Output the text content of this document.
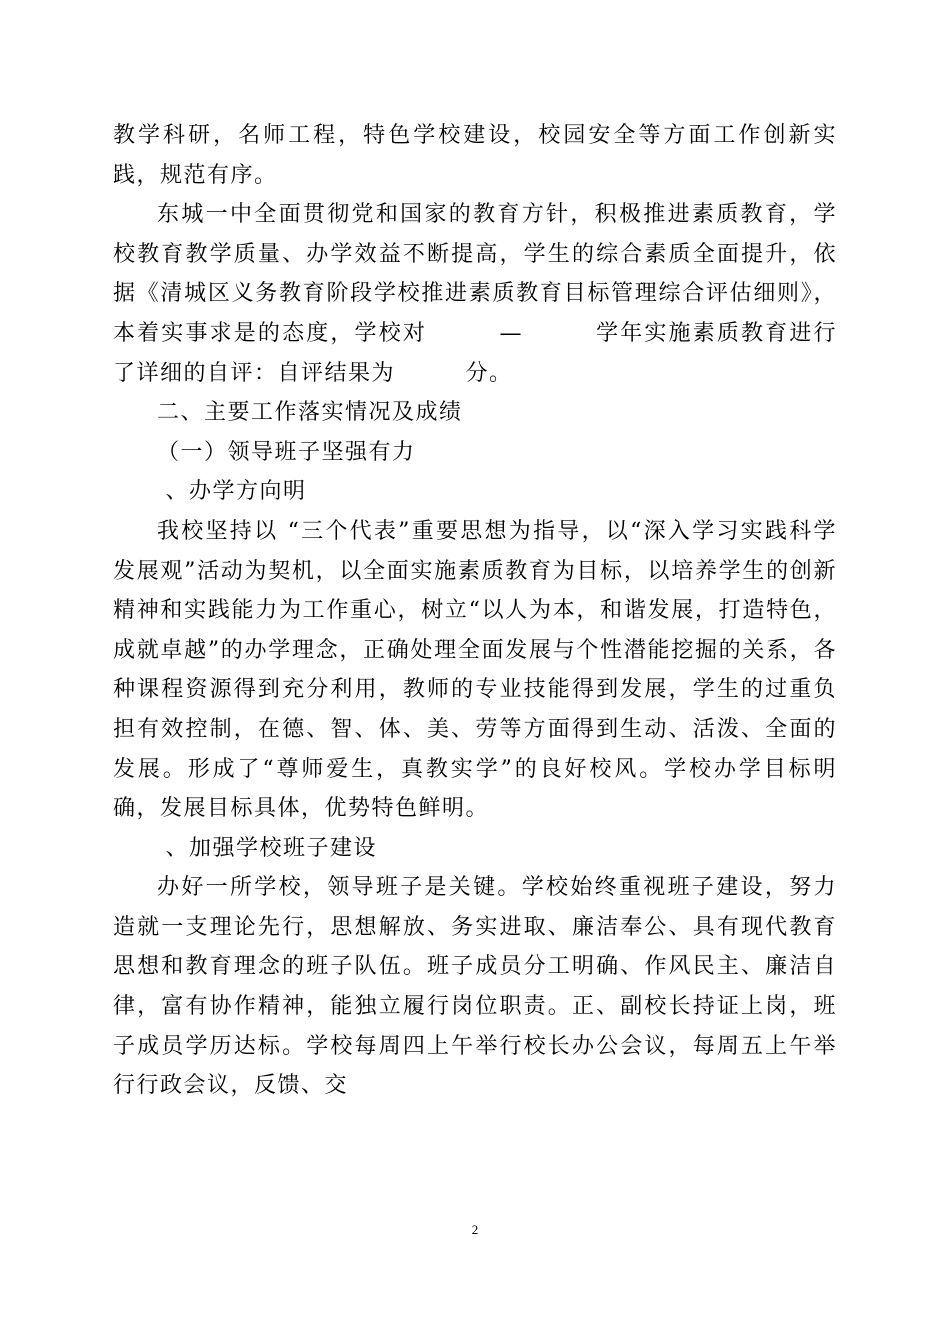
教学科研，名师工程，特色学校建设，校园安全等方面工作创新实践，规范有序。

东城一中全面贯彻党和国家的教育方针，积极推进素质教育，学校教育教学质量、办学效益不断提高，学生的综合素质全面提升，依据《清城区义务教育阶段学校推进素质教育目标管理综合评估细则》，本着实事求是的态度，学校对　　　—　　　学年实施素质教育进行了详细的自评：自评结果为　　　分。

二、主要工作落实情况及成绩

（一）领导班子坚强有力

、办学方向明

我校坚持以 “三个代表”重要思想为指导，以“深入学习实践科学发展观”活动为契机，以全面实施素质教育为目标，以培养学生的创新精神和实践能力为工作重心，树立“以人为本，和谐发展，打造特色，成就卓越”的办学理念，正确处理全面发展与个性潜能挖掘的关系，各种课程资源得到充分利用，教师的专业技能得到发展，学生的过重负担有效控制，在德、智、体、美、劳等方面得到生动、活泼、全面的发展。形成了“尊师爱生，真教实学”的良好校风。学校办学目标明确，发展目标具体，优势特色鲜明。

、加强学校班子建设

办好一所学校，领导班子是关键。学校始终重视班子建设，努力造就一支理论先行，思想解放、务实进取、廉洁奉公、具有现代教育思想和教育理念的班子队伍。班子成员分工明确、作风民主、廉洁自律，富有协作精神，能独立履行岗位职责。正、副校长持证上岗，班子成员学历达标。学校每周四上午举行校长办公会议，每周五上午举行行政会议，反馈、交

2
